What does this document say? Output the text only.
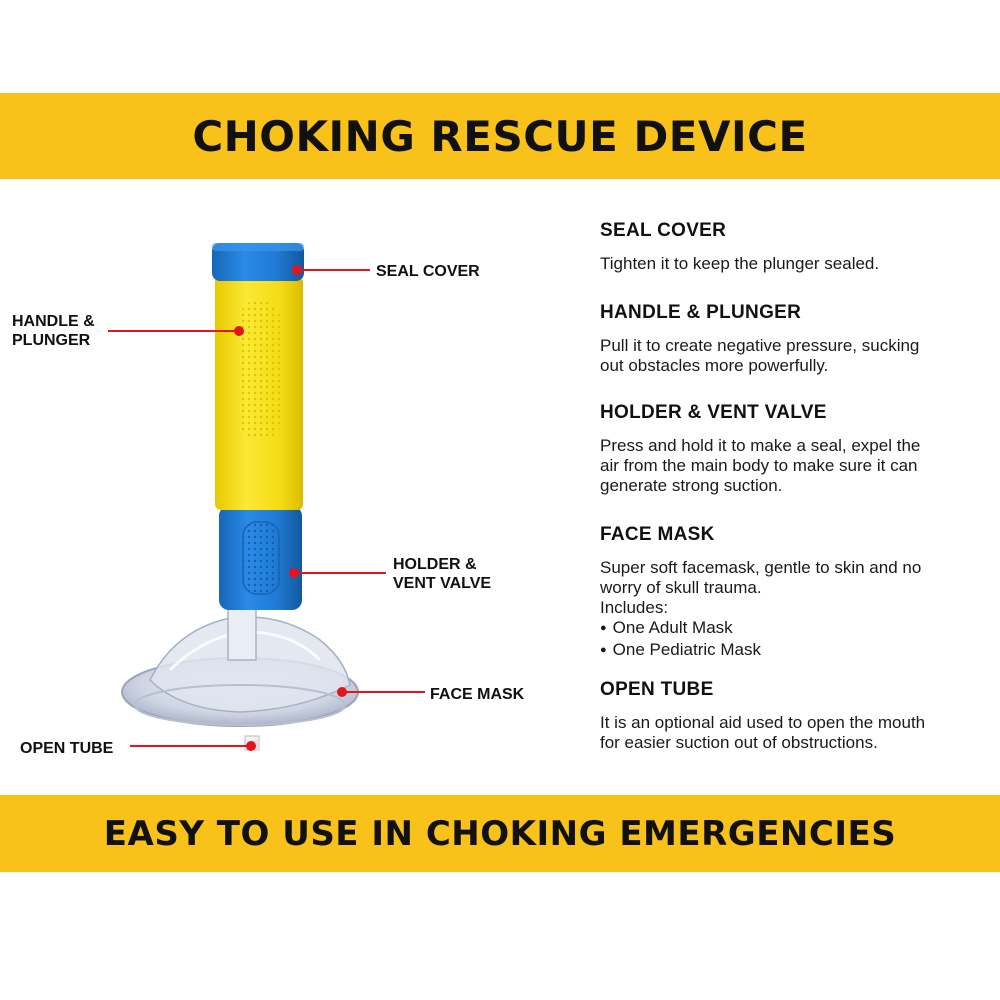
CHOKING RESCUE DEVICE
SEAL COVER
HANDLE &
PLUNGER
HOLDER &
VENT VALVE
FACE MASK
OPEN TUBE
SEAL COVER

Tighten it to keep the plunger sealed.

HANDLE & PLUNGER

Pull it to create negative pressure, sucking

out obstacles more powerfully.

HOLDER & VENT VALVE

Press and hold it to make a seal, expel the

air from the main body to make sure it can

generate strong suction.

FACE MASK

Super soft facemask, gentle to skin and no

worry of skull trauma.

Includes:

● One Adult Mask
● One Pediatric Mask
OPEN TUBE

It is an optional aid used to open the mouth

for easier suction out of obstructions.

EASY TO USE IN CHOKING EMERGENCIES
